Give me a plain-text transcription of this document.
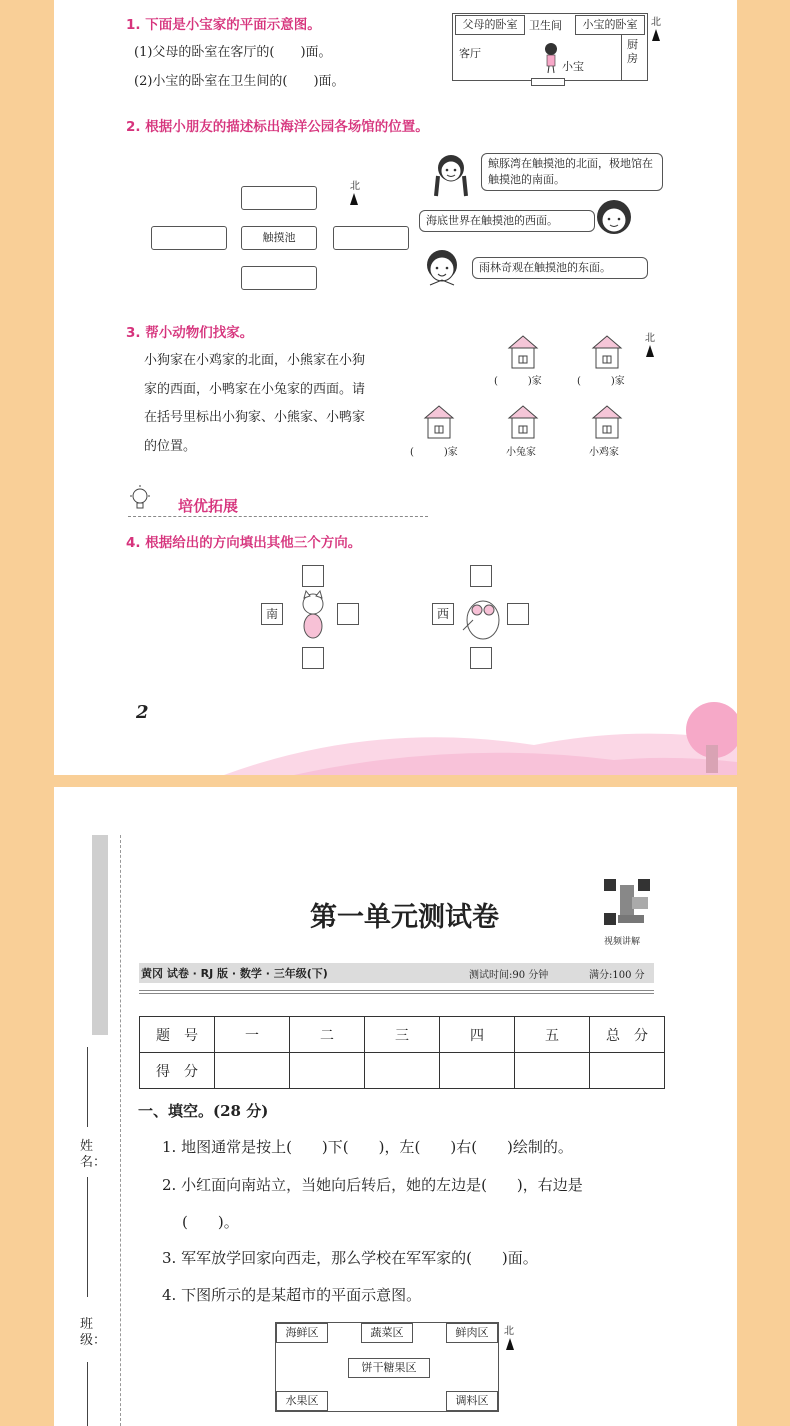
1. 下面是小宝家的平面示意图。
(1)父母的卧室在客厅的(　　)面。
(2)小宝的卧室在卫生间的(　　)面。
父母的卧室	卫生间	小宝的卧室
客厅
厨房
小宝
北
2. 根据小朋友的描述标出海洋公园各场馆的位置。
触摸池
北
鲸豚湾在触摸池的北面，极地馆在触摸池的南面。
海底世界在触摸池的西面。
雨林奇观在触摸池的东面。
3. 帮小动物们找家。
小狗家在小鸡家的北面，小熊家在小狗
家的西面，小鸭家在小兔家的西面。请
在括号里标出小狗家、小熊家、小鸭家
的位置。
(　　　)家	(　　　)家
(　　　)家	小兔家	小鸡家
北
培优拓展
4. 根据给出的方向填出其他三个方向。
南	西
2
姓名：
班级：
第一单元测试卷
视频讲解
黄冈 试卷 · RJ 版 · 数学 · 三年级(下)	测试时间:90 分钟	满分:100 分
题　号	一	二	三	四	五	总　分
得　分						
一、填空。(28 分)
1. 地图通常是按上(　　)下(　　)，左(　　)右(　　)绘制的。
2. 小红面向南站立，当她向后转后，她的左边是(　　)，右边是
(　　)。
3. 军军放学回家向西走，那么学校在军军家的(　　)面。
4. 下图所示的是某超市的平面示意图。
海鲜区	蔬菜区	鲜肉区
饼干糖果区
水果区	调料区
北
